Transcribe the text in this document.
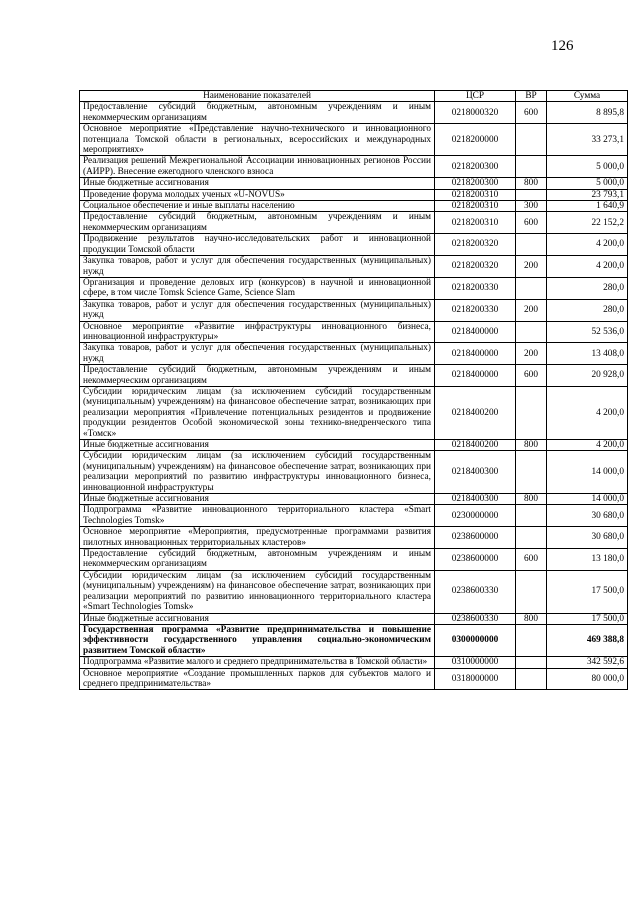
126
Наименование показателей	ЦСР	ВР	Сумма
Предоставление субсидий бюджетным, автономным учреждениям и иным некоммерческим организациям	0218000320	600	8 895,8
Основное мероприятие «Представление научно-технического и инновационного потенциала Томской области в региональных, всероссийских и международных мероприятиях»	0218200000		33 273,1
Реализация решений Межрегиональной Ассоциации инновационных регионов России (АИРР). Внесение ежегодного членского взноса	0218200300		5 000,0
Иные бюджетные ассигнования	0218200300	800	5 000,0
Проведение форума молодых ученых «U-NOVUS»	0218200310		23 793,1
Социальное обеспечение и иные выплаты населению	0218200310	300	1 640,9
Предоставление субсидий бюджетным, автономным учреждениям и иным некоммерческим организациям	0218200310	600	22 152,2
Продвижение результатов научно-исследовательских работ и инновационной продукции Томской области	0218200320		4 200,0
Закупка товаров, работ и услуг для обеспечения государственных (муниципальных) нужд	0218200320	200	4 200,0
Организация и проведение деловых игр (конкурсов) в научной и инновационной сфере, в том числе Tomsk Science Game, Science Slam	0218200330		280,0
Закупка товаров, работ и услуг для обеспечения государственных (муниципальных) нужд	0218200330	200	280,0
Основное мероприятие «Развитие инфраструктуры инновационного бизнеса, инновационной инфраструктуры»	0218400000		52 536,0
Закупка товаров, работ и услуг для обеспечения государственных (муниципальных) нужд	0218400000	200	13 408,0
Предоставление субсидий бюджетным, автономным учреждениям и иным некоммерческим организациям	0218400000	600	20 928,0
Субсидии юридическим лицам (за исключением субсидий государственным (муниципальным) учреждениям) на финансовое обеспечение затрат, возникающих при реализации мероприятия «Привлечение потенциальных резидентов и продвижение продукции резидентов Особой экономической зоны технико-внедренческого типа «Томск»	0218400200		4 200,0
Иные бюджетные ассигнования	0218400200	800	4 200,0
Субсидии юридическим лицам (за исключением субсидий государственным (муниципальным) учреждениям) на финансовое обеспечение затрат, возникающих при реализации мероприятий по развитию инфраструктуры инновационного бизнеса, инновационной инфраструктуры	0218400300		14 000,0
Иные бюджетные ассигнования	0218400300	800	14 000,0
Подпрограмма «Развитие инновационного территориального кластера «Smart Technologies Tomsk»	0230000000		30 680,0
Основное мероприятие «Мероприятия, предусмотренные программами развития пилотных инновационных территориальных кластеров»	0238600000		30 680,0
Предоставление субсидий бюджетным, автономным учреждениям и иным некоммерческим организациям	0238600000	600	13 180,0
Субсидии юридическим лицам (за исключением субсидий государственным (муниципальным) учреждениям) на финансовое обеспечение затрат, возникающих при реализации мероприятий по развитию инновационного территориального кластера «Smart Technologies Tomsk»	0238600330		17 500,0
Иные бюджетные ассигнования	0238600330	800	17 500,0
Государственная программа «Развитие предпринимательства и повышение эффективности государственного управления социально-экономическим развитием Томской области»	0300000000		469 388,8
Подпрограмма «Развитие малого и среднего предпринимательства в Томской области»	0310000000		342 592,6
Основное мероприятие «Создание промышленных парков для субъектов малого и среднего предпринимательства»	0318000000		80 000,0
